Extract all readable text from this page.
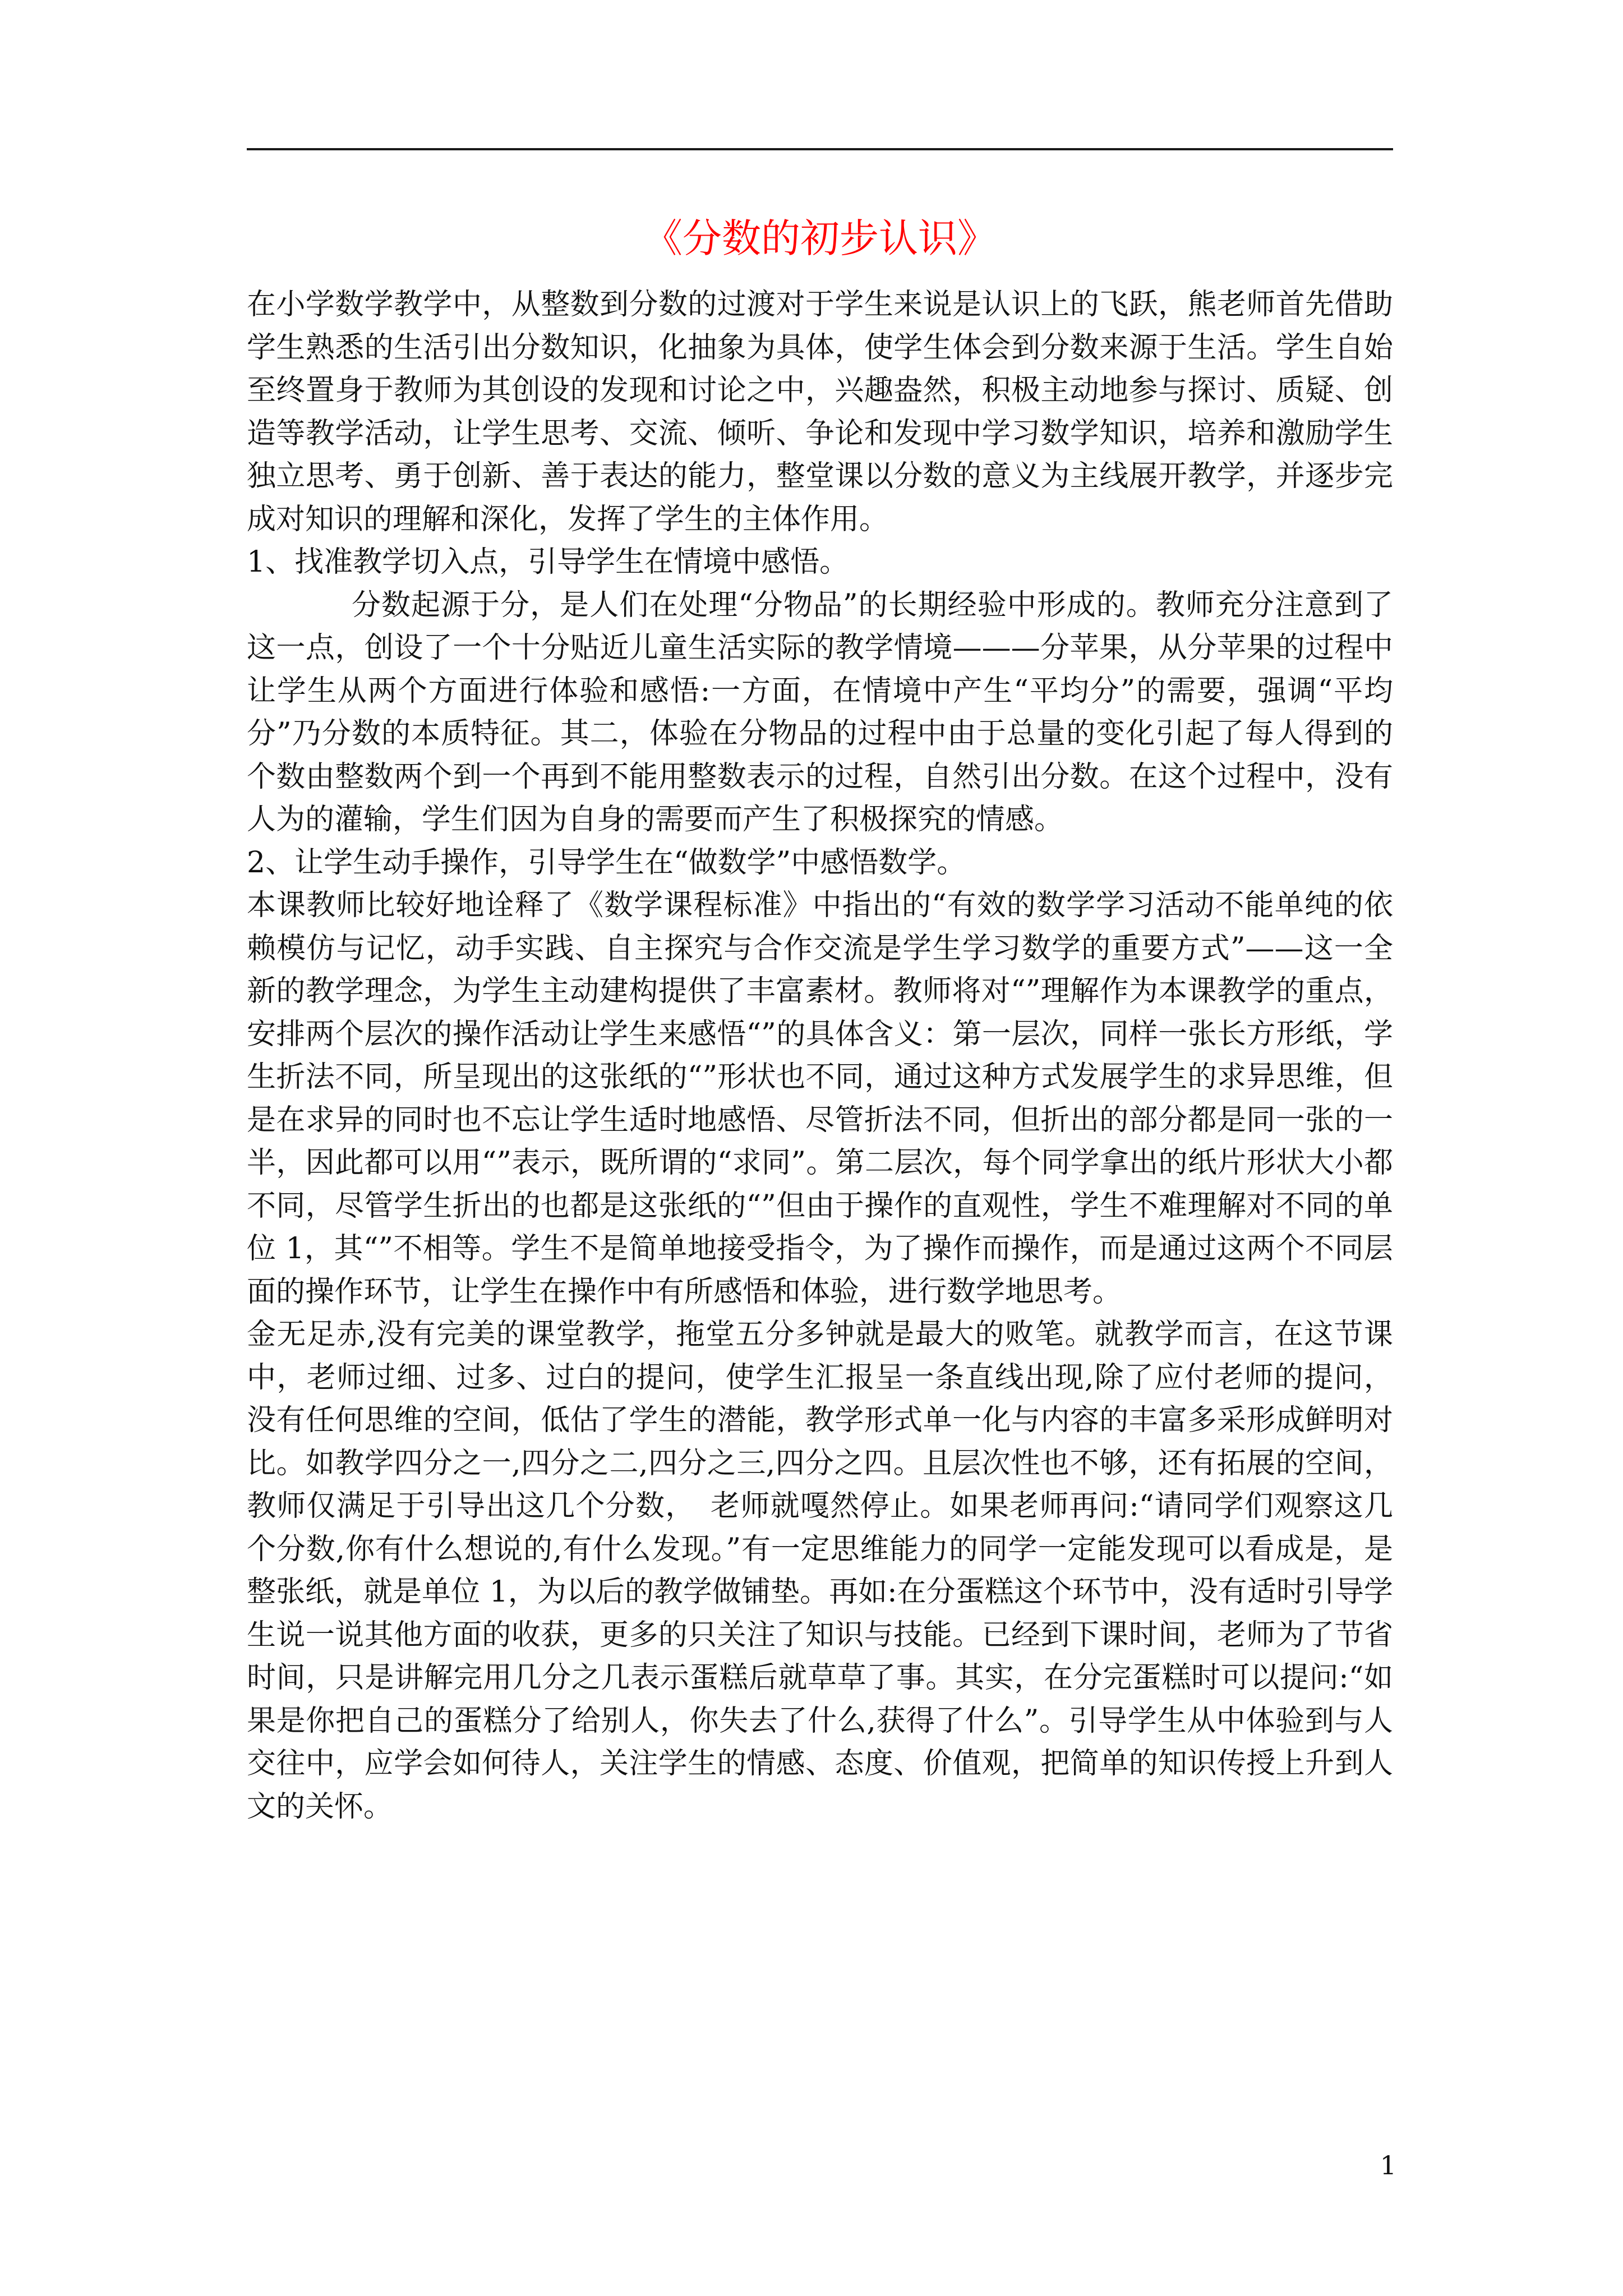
《分数的初步认识》

在小学数学教学中，从整数到分数的过渡对于学生来说是认识上的飞跃，熊老师首先借助学生熟悉的生活引出分数知识，化抽象为具体，使学生体会到分数来源于生活。学生自始至终置身于教师为其创设的发现和讨论之中，兴趣盎然，积极主动地参与探讨、质疑、创造等教学活动，让学生思考、交流、倾听、争论和发现中学习数学知识，培养和激励学生独立思考、勇于创新、善于表达的能力，整堂课以分数的意义为主线展开教学，并逐步完成对知识的理解和深化，发挥了学生的主体作用。

1、找准教学切入点，引导学生在情境中感悟。

分数起源于分，是人们在处理“分物品”的长期经验中形成的。教师充分注意到了这一点，创设了一个十分贴近儿童生活实际的教学情境———分苹果，从分苹果的过程中让学生从两个方面进行体验和感悟:一方面，在情境中产生“平均分”的需要，强调“平均分”乃分数的本质特征。其二，体验在分物品的过程中由于总量的变化引起了每人得到的个数由整数两个到一个再到不能用整数表示的过程，自然引出分数。在这个过程中，没有人为的灌输，学生们因为自身的需要而产生了积极探究的情感。

2、让学生动手操作，引导学生在“做数学”中感悟数学。

本课教师比较好地诠释了《数学课程标准》中指出的“有效的数学学习活动不能单纯的依赖模仿与记忆，动手实践、自主探究与合作交流是学生学习数学的重要方式”——这一全新的教学理念，为学生主动建构提供了丰富素材。教师将对“”理解作为本课教学的重点，安排两个层次的操作活动让学生来感悟“”的具体含义：第一层次，同样一张长方形纸，学生折法不同，所呈现出的这张纸的“”形状也不同，通过这种方式发展学生的求异思维，但是在求异的同时也不忘让学生适时地感悟、尽管折法不同，但折出的部分都是同一张的一半，因此都可以用“”表示，既所谓的“求同”。第二层次，每个同学拿出的纸片形状大小都不同，尽管学生折出的也都是这张纸的“”但由于操作的直观性，学生不难理解对不同的单位 1，其“”不相等。学生不是简单地接受指令，为了操作而操作，而是通过这两个不同层面的操作环节，让学生在操作中有所感悟和体验，进行数学地思考。

金无足赤,没有完美的课堂教学，拖堂五分多钟就是最大的败笔。就教学而言，在这节课中，老师过细、过多、过白的提问，使学生汇报呈一条直线出现,除了应付老师的提问，没有任何思维的空间，低估了学生的潜能，教学形式单一化与内容的丰富多采形成鲜明对比。如教学四分之一,四分之二,四分之三,四分之四。且层次性也不够，还有拓展的空间，教师仅满足于引导出这几个分数，　老师就嘎然停止。如果老师再问:“请同学们观察这几个分数,你有什么想说的,有什么发现。”有一定思维能力的同学一定能发现可以看成是，是整张纸，就是单位 1，为以后的教学做铺垫。再如:在分蛋糕这个环节中，没有适时引导学生说一说其他方面的收获，更多的只关注了知识与技能。已经到下课时间，老师为了节省时间，只是讲解完用几分之几表示蛋糕后就草草了事。其实，在分完蛋糕时可以提问:“如果是你把自己的蛋糕分了给别人，你失去了什么,获得了什么”。引导学生从中体验到与人交往中，应学会如何待人，关注学生的情感、态度、价值观，把简单的知识传授上升到人文的关怀。

1
